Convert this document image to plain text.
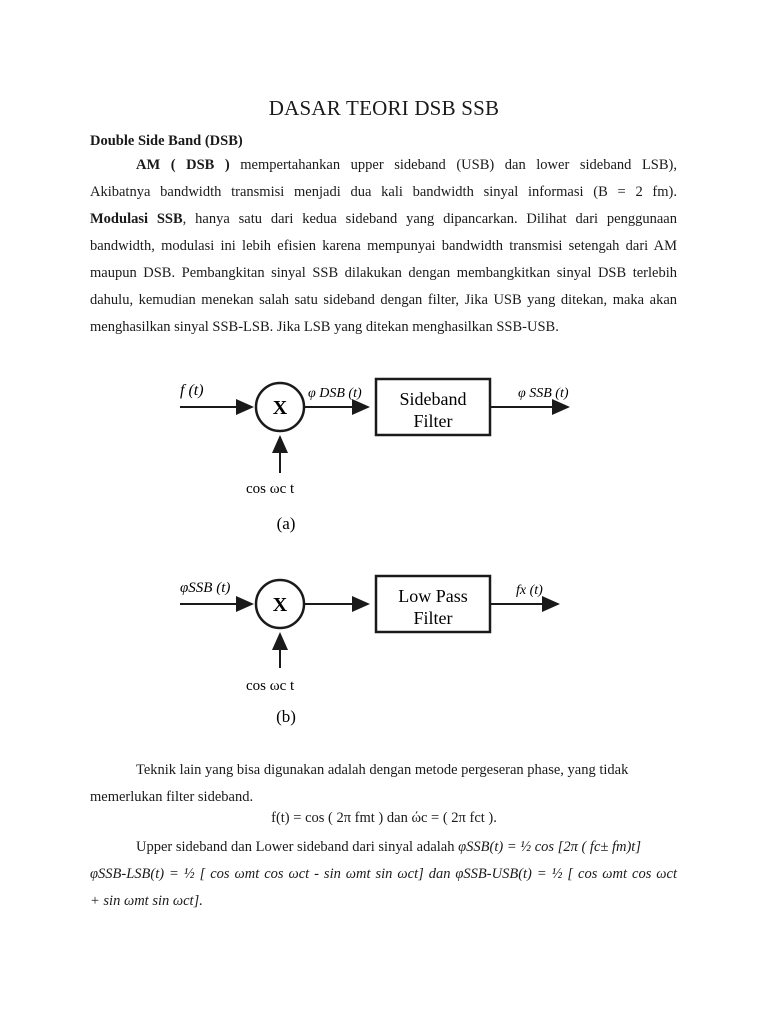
DASAR TEORI DSB SSB
Double Side Band (DSB)
AM ( DSB ) mempertahankan upper sideband (USB) dan lower sideband LSB),
Akibatnya bandwidth transmisi menjadi dua kali bandwidth sinyal informasi (B = 2 fm).
Modulasi SSB, hanya satu dari kedua sideband yang dipancarkan. Dilihat dari penggunaan
bandwidth, modulasi ini lebih efisien karena mempunyai bandwidth transmisi setengah dari AM
maupun DSB. Pembangkitan sinyal SSB dilakukan dengan membangkitkan sinyal DSB terlebih
dahulu, kemudian menekan salah satu sideband dengan filter, Jika USB yang ditekan, maka akan
menghasilkan sinyal SSB-LSB. Jika LSB yang ditekan menghasilkan SSB-USB.
f (t)
X
φ DSB (t) Sideband
Filter
φ SSB (t)
cos ωc t
(a)
φSSB (t)
X	Low Pass
Filter
fx (t)
cos ωc t
(b)
Teknik lain yang bisa digunakan adalah dengan metode pergeseran phase, yang tidak
memerlukan filter sideband.
f(t) = cos ( 2π fmt ) dan ώc = ( 2π fct ).
Upper sideband dan Lower sideband dari sinyal adalah φSSB(t) = ½ cos [2π ( fc± fm)t]
φSSB-LSB(t) = ½ [ cos ωmt cos ωct - sin ωmt sin ωct] dan φSSB-USB(t) = ½ [ cos ωmt cos ωct
+ sin ωmt sin ωct].
